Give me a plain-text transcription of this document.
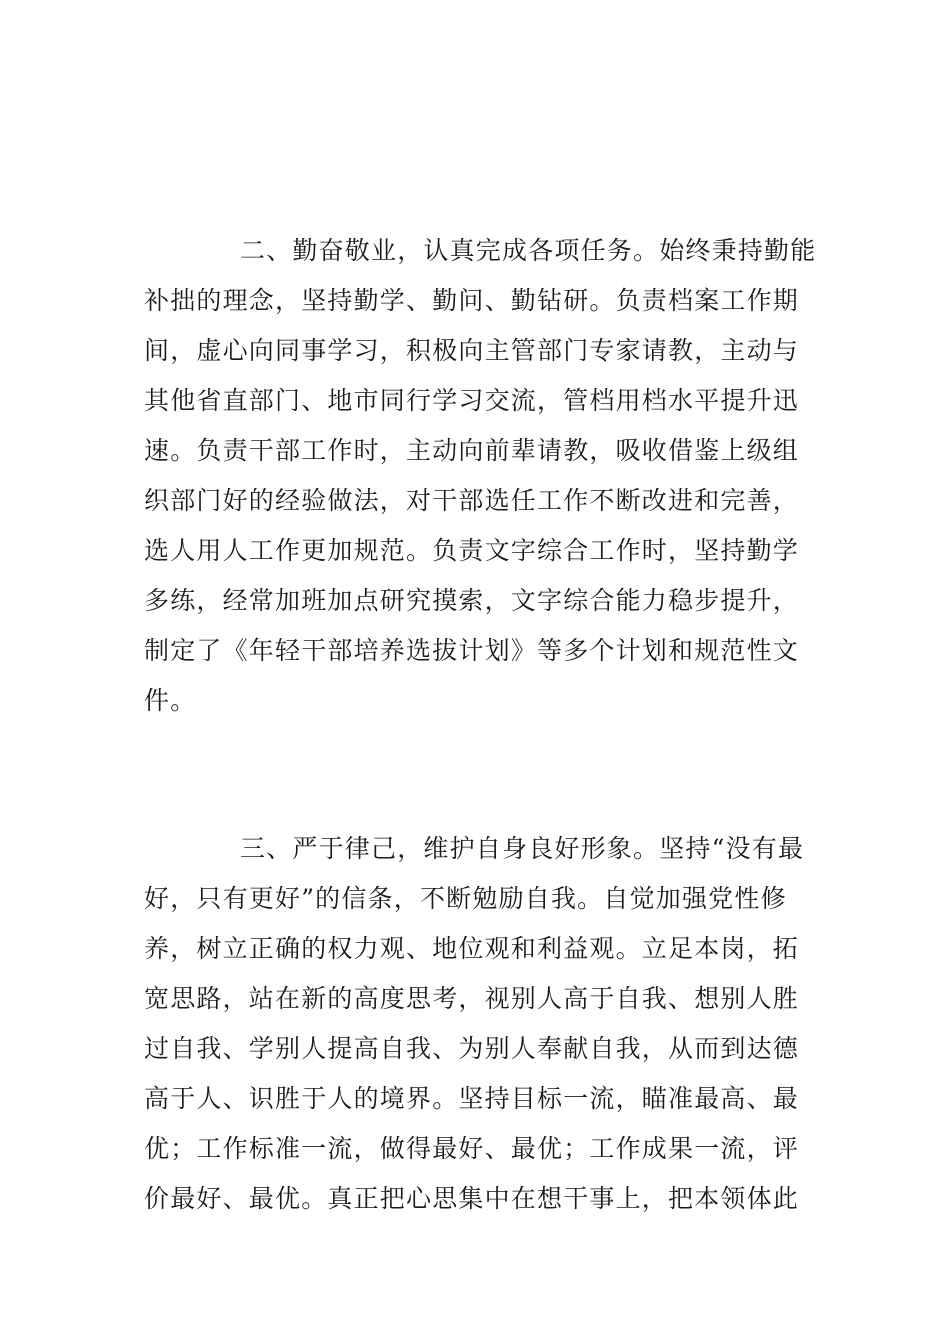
二、勤奋敬业，认真完成各项任务。始终秉持勤能
补拙的理念，坚持勤学、勤问、勤钻研。负责档案工作期
间，虚心向同事学习，积极向主管部门专家请教，主动与
其他省直部门、地市同行学习交流，管档用档水平提升迅
速。负责干部工作时，主动向前辈请教，吸收借鉴上级组
织部门好的经验做法，对干部选任工作不断改进和完善，
选人用人工作更加规范。负责文字综合工作时，坚持勤学
多练，经常加班加点研究摸索，文字综合能力稳步提升，
制定了《年轻干部培养选拔计划》等多个计划和规范性文
件。
三、严于律己，维护自身良好形象。坚持“没有最
好，只有更好”的信条，不断勉励自我。自觉加强党性修
养，树立正确的权力观、地位观和利益观。立足本岗，拓
宽思路，站在新的高度思考，视别人高于自我、想别人胜
过自我、学别人提高自我、为别人奉献自我，从而到达德
高于人、识胜于人的境界。坚持目标一流，瞄准最高、最
优；工作标准一流，做得最好、最优；工作成果一流，评
价最好、最优。真正把心思集中在想干事上，把本领体此
